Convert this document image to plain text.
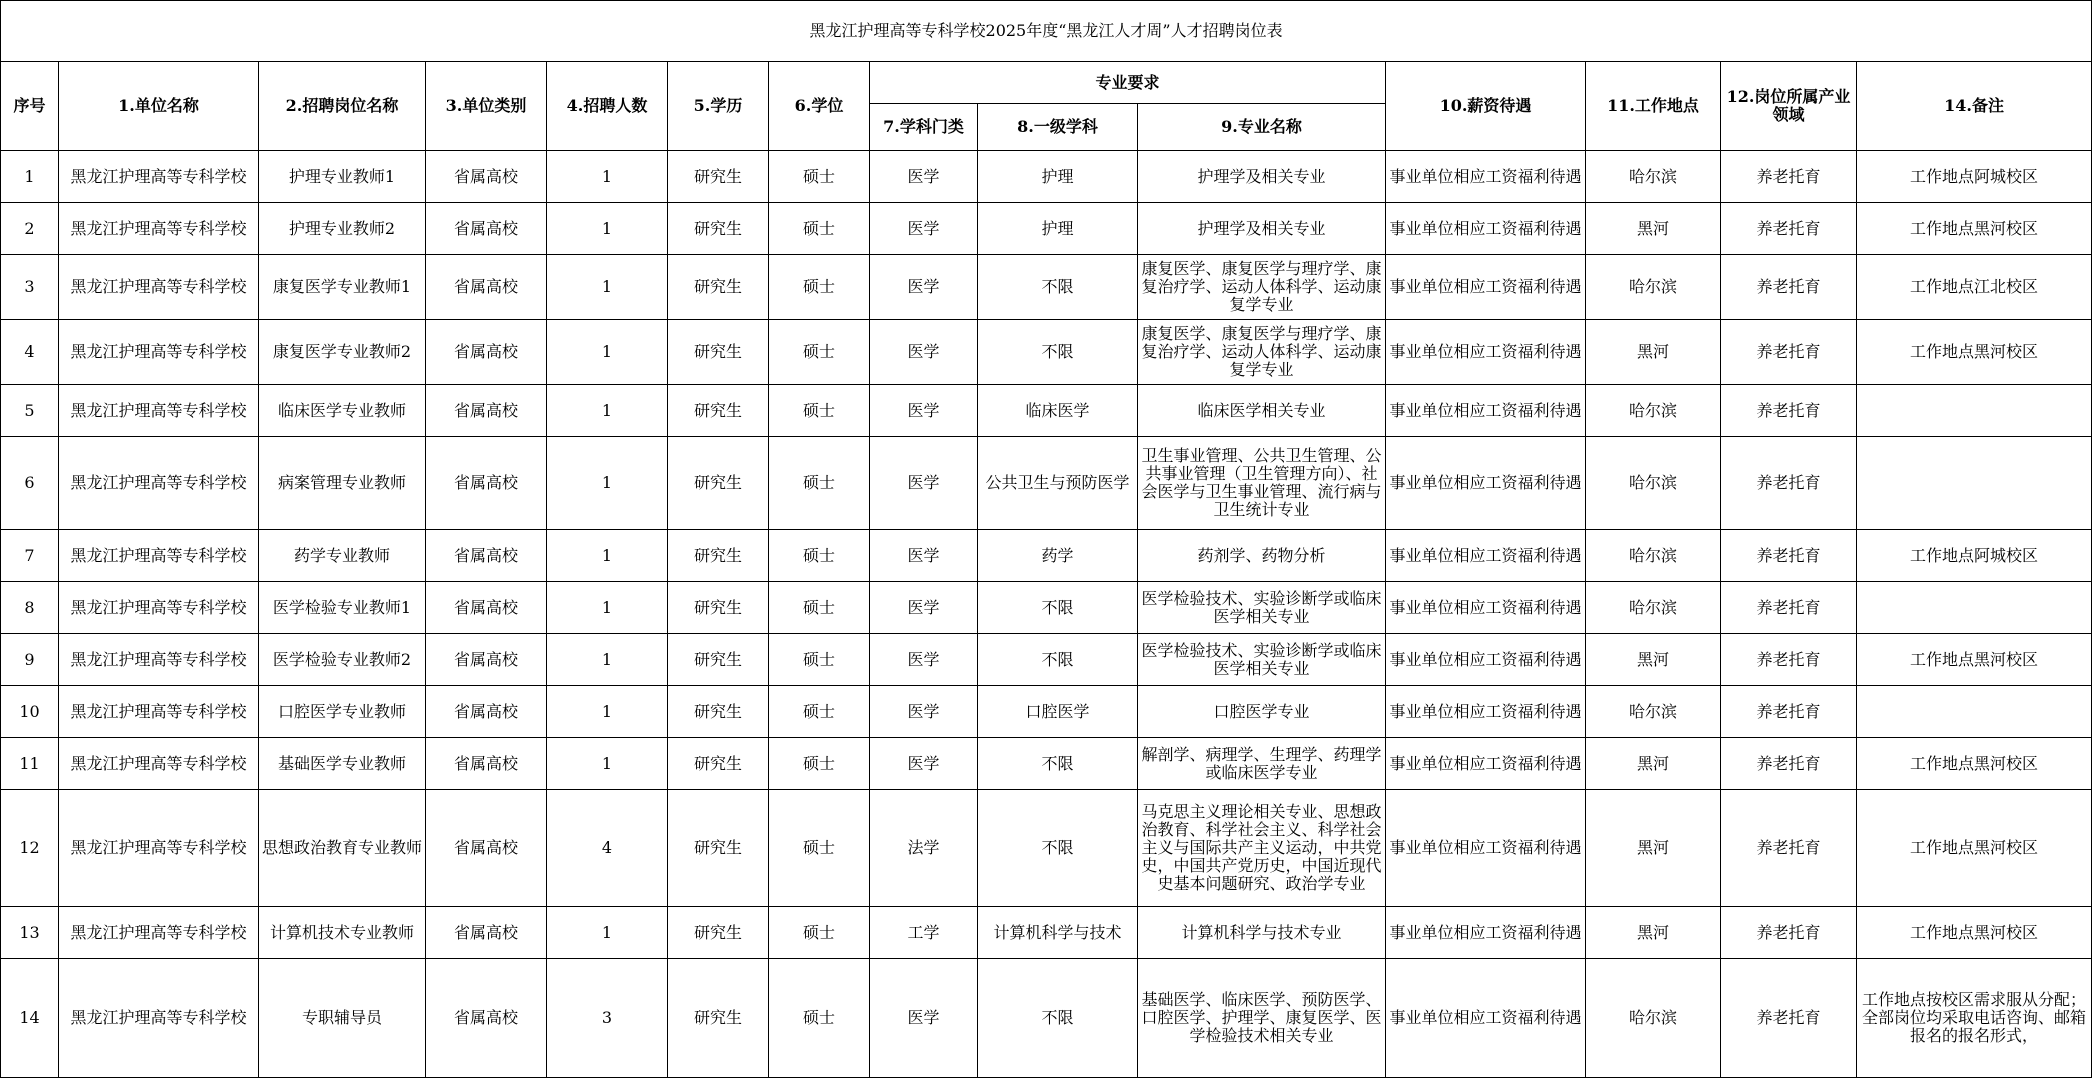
黑龙江护理高等专科学校2025年度“黑龙江人才周”人才招聘岗位表													
序号	1.单位名称	2.招聘岗位名称	3.单位类别	4.招聘人数	5.学历	6.学位	专业要求			10.薪资待遇	11.工作地点	12.岗位所属产业领域	14.备注
							7.学科门类	8.一级学科	9.专业名称				
1	黑龙江护理高等专科学校	护理专业教师1	省属高校	1	研究生	硕士	医学	护理	护理学及相关专业	事业单位相应工资福利待遇	哈尔滨	养老托育	工作地点阿城校区
2	黑龙江护理高等专科学校	护理专业教师2	省属高校	1	研究生	硕士	医学	护理	护理学及相关专业	事业单位相应工资福利待遇	黑河	养老托育	工作地点黑河校区
3	黑龙江护理高等专科学校	康复医学专业教师1	省属高校	1	研究生	硕士	医学	不限	康复医学、康复医学与理疗学、康复治疗学、运动人体科学、运动康复学专业	事业单位相应工资福利待遇	哈尔滨	养老托育	工作地点江北校区
4	黑龙江护理高等专科学校	康复医学专业教师2	省属高校	1	研究生	硕士	医学	不限	康复医学、康复医学与理疗学、康复治疗学、运动人体科学、运动康复学专业	事业单位相应工资福利待遇	黑河	养老托育	工作地点黑河校区
5	黑龙江护理高等专科学校	临床医学专业教师	省属高校	1	研究生	硕士	医学	临床医学	临床医学相关专业	事业单位相应工资福利待遇	哈尔滨	养老托育	
6	黑龙江护理高等专科学校	病案管理专业教师	省属高校	1	研究生	硕士	医学	公共卫生与预防医学	卫生事业管理、公共卫生管理、公共事业管理（卫生管理方向）、社会医学与卫生事业管理、流行病与卫生统计专业	事业单位相应工资福利待遇	哈尔滨	养老托育	
7	黑龙江护理高等专科学校	药学专业教师	省属高校	1	研究生	硕士	医学	药学	药剂学、药物分析	事业单位相应工资福利待遇	哈尔滨	养老托育	工作地点阿城校区
8	黑龙江护理高等专科学校	医学检验专业教师1	省属高校	1	研究生	硕士	医学	不限	医学检验技术、实验诊断学或临床医学相关专业	事业单位相应工资福利待遇	哈尔滨	养老托育	
9	黑龙江护理高等专科学校	医学检验专业教师2	省属高校	1	研究生	硕士	医学	不限	医学检验技术、实验诊断学或临床医学相关专业	事业单位相应工资福利待遇	黑河	养老托育	工作地点黑河校区
10	黑龙江护理高等专科学校	口腔医学专业教师	省属高校	1	研究生	硕士	医学	口腔医学	口腔医学专业	事业单位相应工资福利待遇	哈尔滨	养老托育	
11	黑龙江护理高等专科学校	基础医学专业教师	省属高校	1	研究生	硕士	医学	不限	解剖学、病理学、生理学、药理学或临床医学专业	事业单位相应工资福利待遇	黑河	养老托育	工作地点黑河校区
12	黑龙江护理高等专科学校	思想政治教育专业教师	省属高校	4	研究生	硕士	法学	不限	马克思主义理论相关专业、思想政治教育、科学社会主义、科学社会主义与国际共产主义运动，中共党史，中国共产党历史，中国近现代史基本问题研究、政治学专业	事业单位相应工资福利待遇	黑河	养老托育	工作地点黑河校区
13	黑龙江护理高等专科学校	计算机技术专业教师	省属高校	1	研究生	硕士	工学	计算机科学与技术	计算机科学与技术专业	事业单位相应工资福利待遇	黑河	养老托育	工作地点黑河校区
14	黑龙江护理高等专科学校	专职辅导员	省属高校	3	研究生	硕士	医学	不限	基础医学、临床医学、预防医学、口腔医学、护理学、康复医学、医学检验技术相关专业	事业单位相应工资福利待遇	哈尔滨	养老托育	工作地点按校区需求服从分配；全部岗位均采取电话咨询、邮箱报名的报名形式，
